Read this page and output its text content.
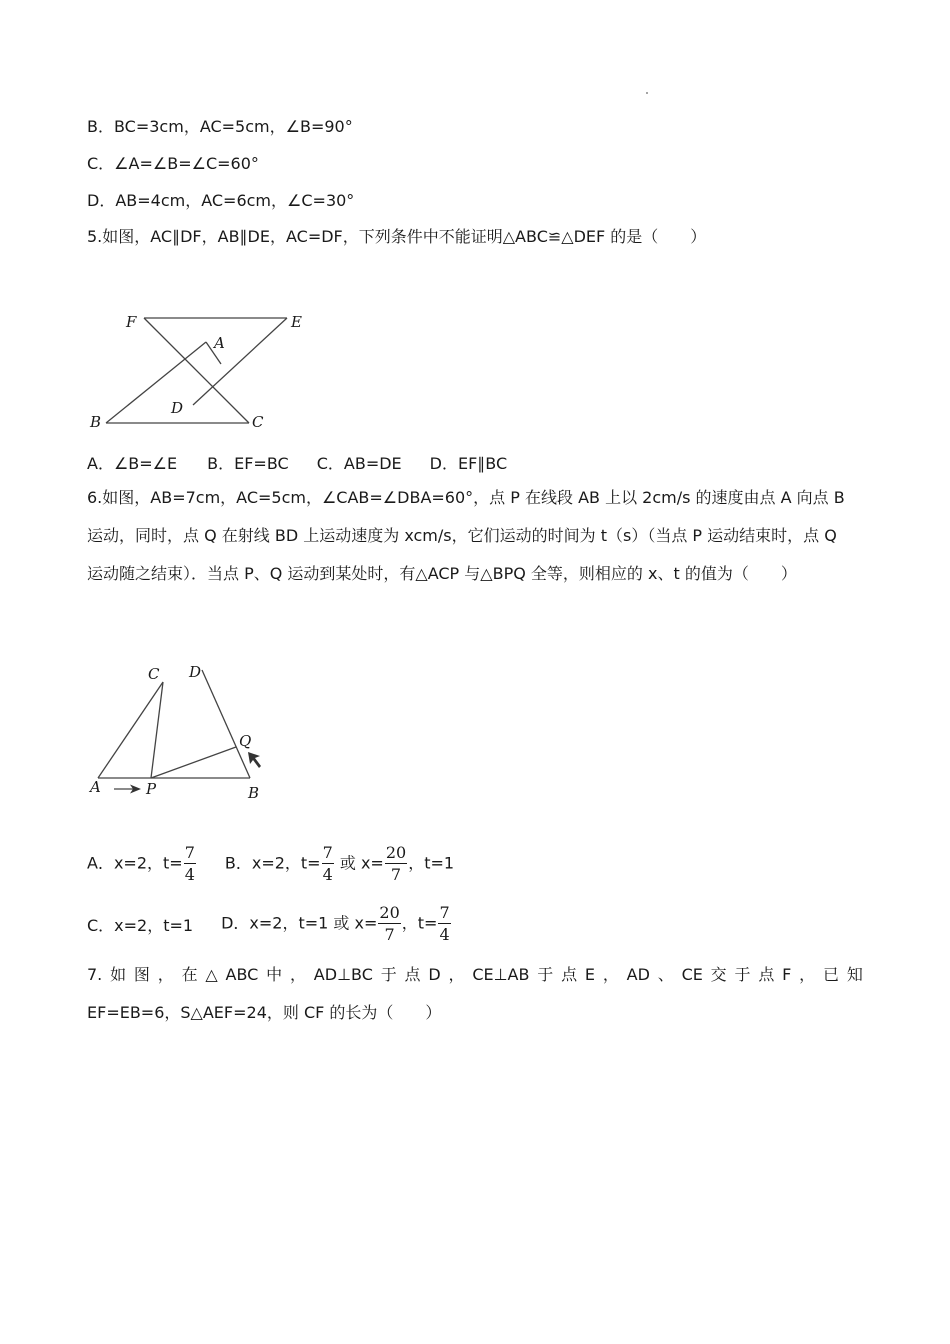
B．BC=3cm，AC=5cm，∠B=90°
C．∠A=∠B=∠C=60°
D．AB=4cm，AC=6cm，∠C=30°
5.如图，AC∥DF，AB∥DE，AC=DF，下列条件中不能证明△ABC≌△DEF 的是（　　）
F	E
A
D
B	C
A．∠B=∠E B．EF=BC C．AB=DE D．EF∥BC
6.如图，AB=7cm，AC=5cm，∠CAB=∠DBA=60°，点 P 在线段 AB 上以 2cm/s 的速度由点 A 向点 B
运动，同时，点 Q 在射线 BD 上运动速度为 xcm/s，它们运动的时间为 t（s）（当点 P 运动结束时，点 Q
运动随之结束）．当点 P、Q 运动到某处时，有△ACP 与△BPQ 全等，则相应的 x、t 的值为（　　）
C D
Q
A	P	B
A．x=2，$t= \frac{7}{4}$ B．x=2，$t= \frac{7}{4}$ 或 $x= \frac{20}{7}$ ，t=1
C．x=2，t=1 D．x=2，t=1 或 $x= \frac{20}{7}$ ，$t= \frac{7}{4}$
7. 如 图 ， 在 △ ABC 中 ， AD⊥BC 于 点 D ， CE⊥AB 于 点 E ， AD 、 CE 交 于 点 F ， 已 知
EF=EB=6，S△AEF=24，则 CF 的长为（　　）
